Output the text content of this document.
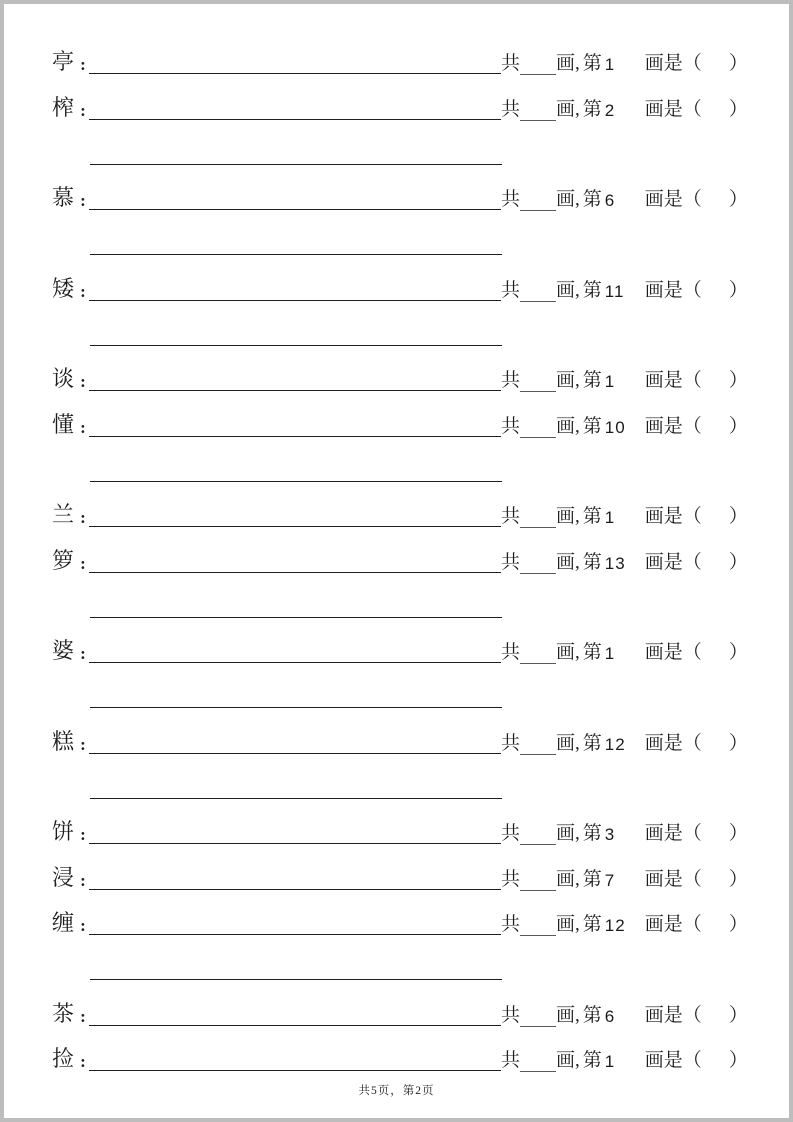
亭 :	共 画, 第 1	画是（ ）
榨 :	共 画, 第 2	画是（ ）
慕 :	共 画, 第 6	画是（ ）
矮 :	共 画, 第 11	画是（ ）
谈 :	共 画, 第 1	画是（ ）
懂 :	共 画, 第 10	画是（ ）
兰 :	共 画, 第 1	画是（ ）
箩 :	共 画, 第 13	画是（ ）
婆 :	共 画, 第 1	画是（ ）
糕 :	共 画, 第 12	画是（ ）
饼 :	共 画, 第 3	画是（ ）
浸 :	共 画, 第 7	画是（ ）
缠 :	共 画, 第 12	画是（ ）
茶 :	共 画, 第 6	画是（ ）
捡 :	共 画, 第 1	画是（ ）
共5页，第2页
